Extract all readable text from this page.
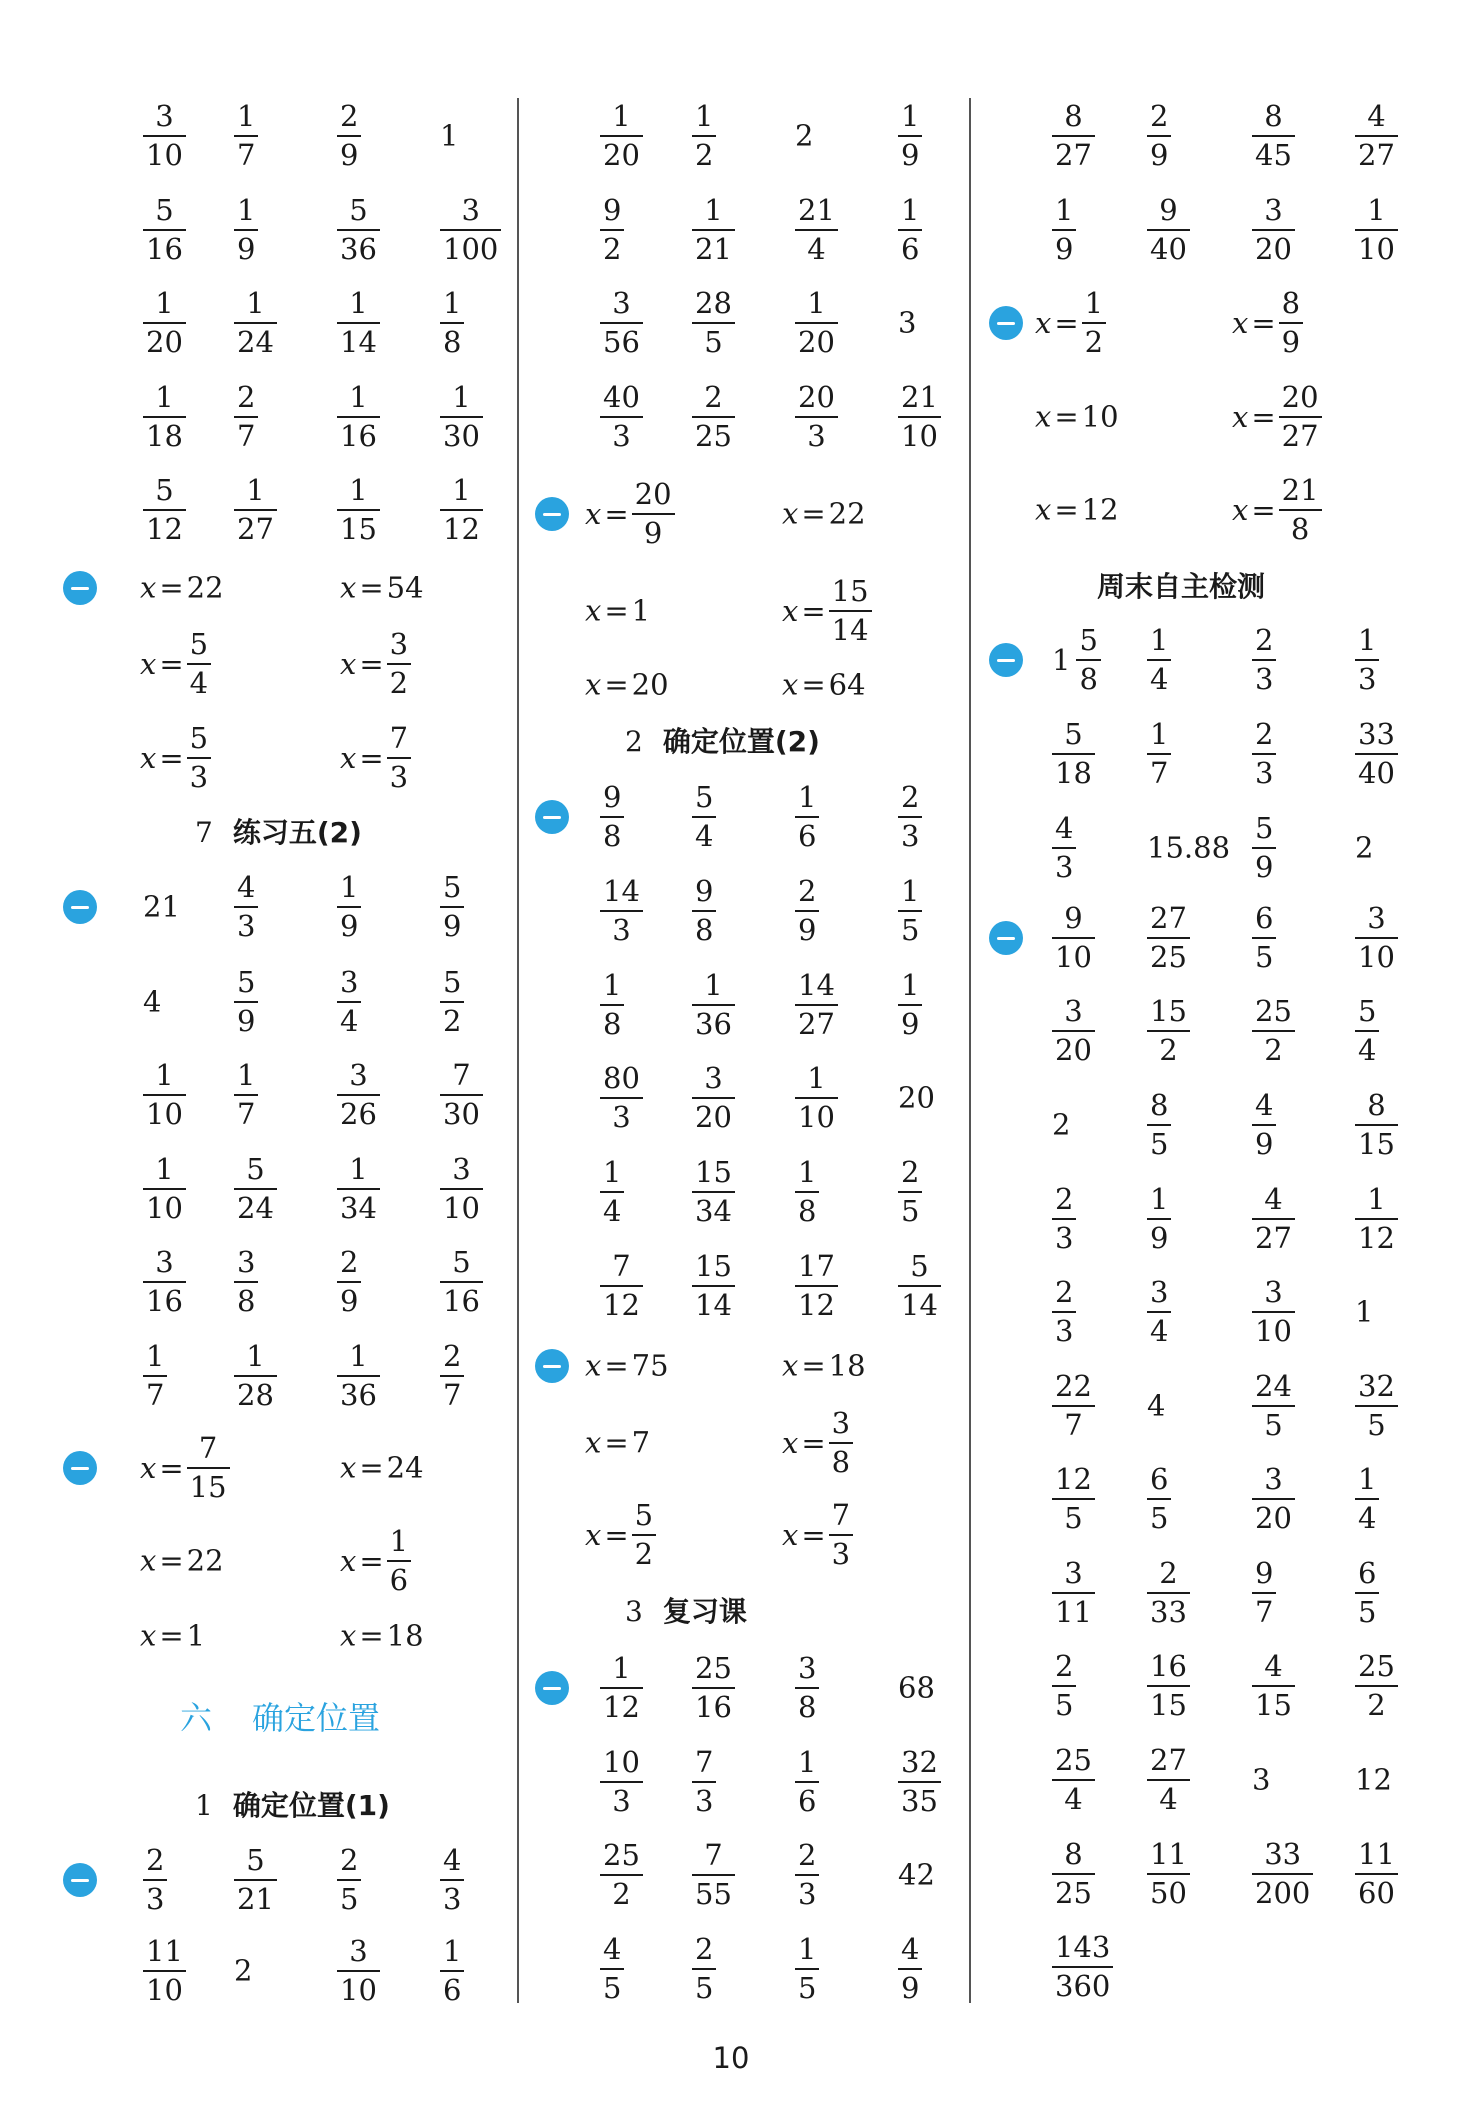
$\frac{3}{10} \frac{1}{7}$	$\frac{2}{9}$	1
$\frac{5}{16} \frac{1}{9}$	$\frac{5}{36} \frac{3}{100}$
$\frac{1}{20} \frac{1}{24} \frac{1}{14} \frac{1}{8}$
$\frac{1}{18} \frac{2}{7}$	$\frac{1}{16} \frac{1}{30}$
$\frac{5}{12} \frac{1}{27} \frac{1}{15} \frac{1}{12}$
x = 22	x = 54
$x = \frac{5}{4}$	$x = \frac{3}{2}$
$x = \frac{5}{3}$	$x = \frac{7}{3}$
7 练习五(2)
$21 \frac{4}{3}$	$\frac{1}{9}$	$\frac{5}{9}$
4	$\frac{5}{9}$	$\frac{3}{4}$	$\frac{5}{2}$
$\frac{1}{10} \frac{1}{7}$	$\frac{3}{26} \frac{7}{30}$
$\frac{1}{10} \frac{5}{24} \frac{1}{34} \frac{3}{10}$
$\frac{3}{16} \frac{3}{8}$	$\frac{2}{9}$	$\frac{5}{16}$
$\frac{1}{7} \frac{1}{28} \frac{1}{36} \frac{2}{7}$
$x = \frac{7}{15}$	x = 24
x = 22	$x = \frac{1}{6}$
x = 1	x = 18
六 确定位置
1 确定位置(1)
$\frac{2}{3} \frac{5}{21} \frac{2}{5}$	$\frac{4}{3}$
$\frac{11}{10} 2$	$\frac{3}{10} \frac{1}{6}$
$\frac{1}{20} \frac{1}{2}$	2	$\frac{1}{9}$
$\frac{9}{2} \frac{1}{21} \frac{21}{4} \frac{1}{6}$
$\frac{3}{56} \frac{28}{5} \frac{1}{20} 3$
$\frac{40}{3} \frac{2}{25} \frac{20}{3} \frac{21}{10}$
$x = \frac{20}{9}$	x = 22
x = 1	$x = \frac{15}{14}$
x = 20	x = 64
2 确定位置(2)
$\frac{9}{8} \frac{5}{4}$	$\frac{1}{6}$	$\frac{2}{3}$
$\frac{14}{3} \frac{9}{8}$	$\frac{2}{9}$	$\frac{1}{5}$
$\frac{1}{8} \frac{1}{36} \frac{14}{27} \frac{1}{9}$
$\frac{80}{3} \frac{3}{20} \frac{1}{10} 20$
$\frac{1}{4} \frac{15}{34} \frac{1}{8}$	$\frac{2}{5}$
$\frac{7}{12} \frac{15}{14} \frac{17}{12} \frac{5}{14}$
x = 75	x = 18
x = 7	$x = \frac{3}{8}$
$x = \frac{5}{2}$	$x = \frac{7}{3}$
3 复习课
$\frac{1}{12} \frac{25}{16} \frac{3}{8}$	68
$\frac{10}{3} \frac{7}{3}$	$\frac{1}{6}$	$\frac{32}{35}$
$\frac{25}{2} \frac{7}{55} \frac{2}{3}$	42
$\frac{4}{5} \frac{2}{5}$	$\frac{1}{5}$	$\frac{4}{9}$
$\frac{8}{27} \frac{2}{9}$	$\frac{8}{45} \frac{4}{27}$
$\frac{1}{9} \frac{9}{40} \frac{3}{20} \frac{1}{10}$
$x = \frac{1}{2}$	$x = \frac{8}{9}$
x = 10	$x = \frac{20}{27}$
x = 12	$x = \frac{21}{8}$
周末自主检测
$1 \frac{5}{8} \frac{1}{4}$	$\frac{2}{3}$	$\frac{1}{3}$
$\frac{5}{18} \frac{1}{7}$	$\frac{2}{3}$	$\frac{33}{40}$
$\frac{4}{3} 15.88 \frac{5}{9}$	2
$\frac{9}{10} \frac{27}{25} \frac{6}{5}$	$\frac{3}{10}$
$\frac{3}{20} \frac{15}{2} \frac{25}{2} \frac{5}{4}$
2	$\frac{8}{5}$	$\frac{4}{9}$	$\frac{8}{15}$
$\frac{2}{3} \frac{1}{9}$	$\frac{4}{27} \frac{1}{12}$
$\frac{2}{3} \frac{3}{4}$	$\frac{3}{10} 1$
$\frac{22}{7} 4$	$\frac{24}{5} \frac{32}{5}$
$\frac{12}{5} \frac{6}{5}$	$\frac{3}{20} \frac{1}{4}$
$\frac{3}{11} \frac{2}{33} \frac{9}{7}$	$\frac{6}{5}$
$\frac{2}{5} \frac{16}{15} \frac{4}{15} \frac{25}{2}$
$\frac{25}{4} \frac{27}{4} 3$	12
$\frac{8}{25} \frac{11}{50} \frac{33}{200} \frac{11}{60}$
$\frac{143}{360}$
10
